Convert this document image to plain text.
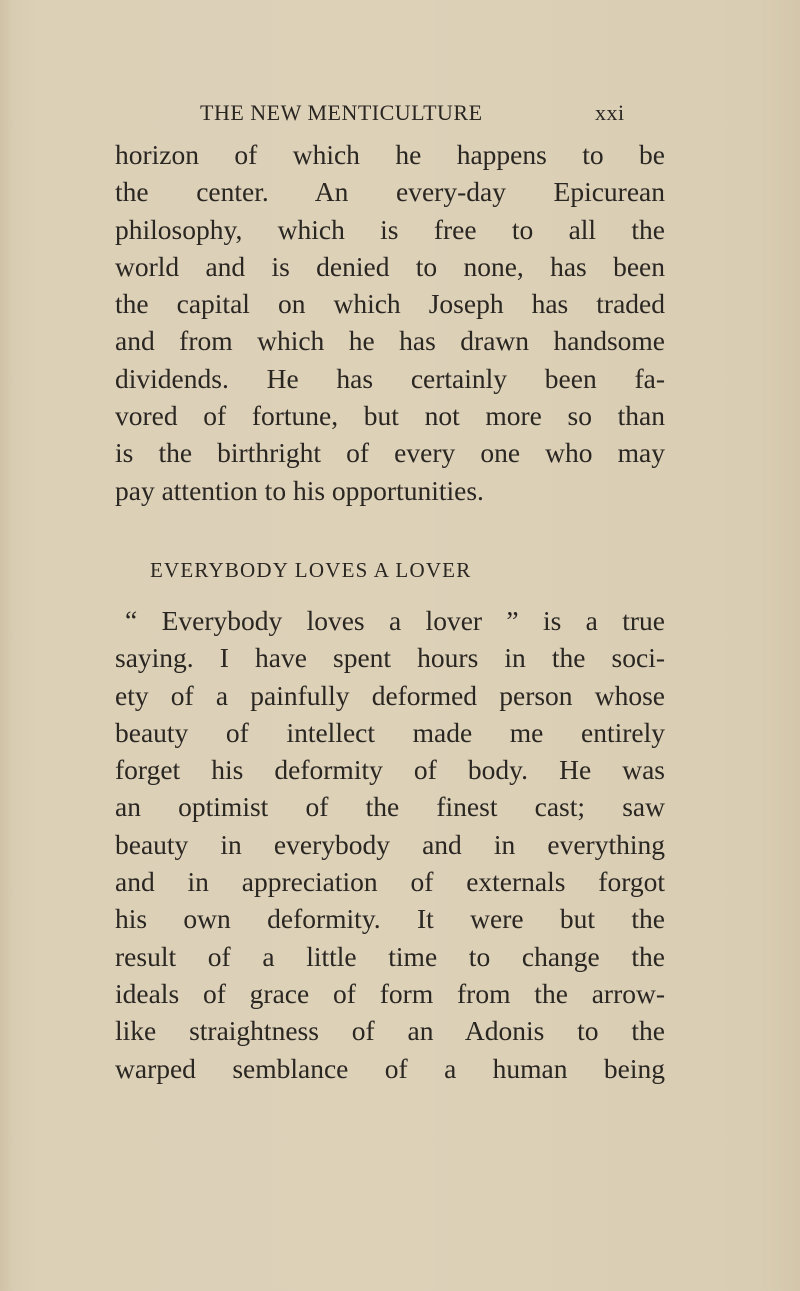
THE NEW MENTICULTURE	xxi
horizon of which he happens to be
the center. An every-day Epicurean
philosophy, which is free to all the
world and is denied to none, has been
the capital on which Joseph has traded
and from which he has drawn handsome
dividends. He has certainly been fa-
vored of fortune, but not more so than
is the birthright of every one who may
pay attention to his opportunities.
EVERYBODY LOVES A LOVER
“ Everybody loves a lover ” is a true
saying. I have spent hours in the soci-
ety of a painfully deformed person whose
beauty of intellect made me entirely
forget his deformity of body. He was
an optimist of the finest cast; saw
beauty in everybody and in everything
and in appreciation of externals forgot
his own deformity. It were but the
result of a little time to change the
ideals of grace of form from the arrow-
like straightness of an Adonis to the
warped semblance of a human being
